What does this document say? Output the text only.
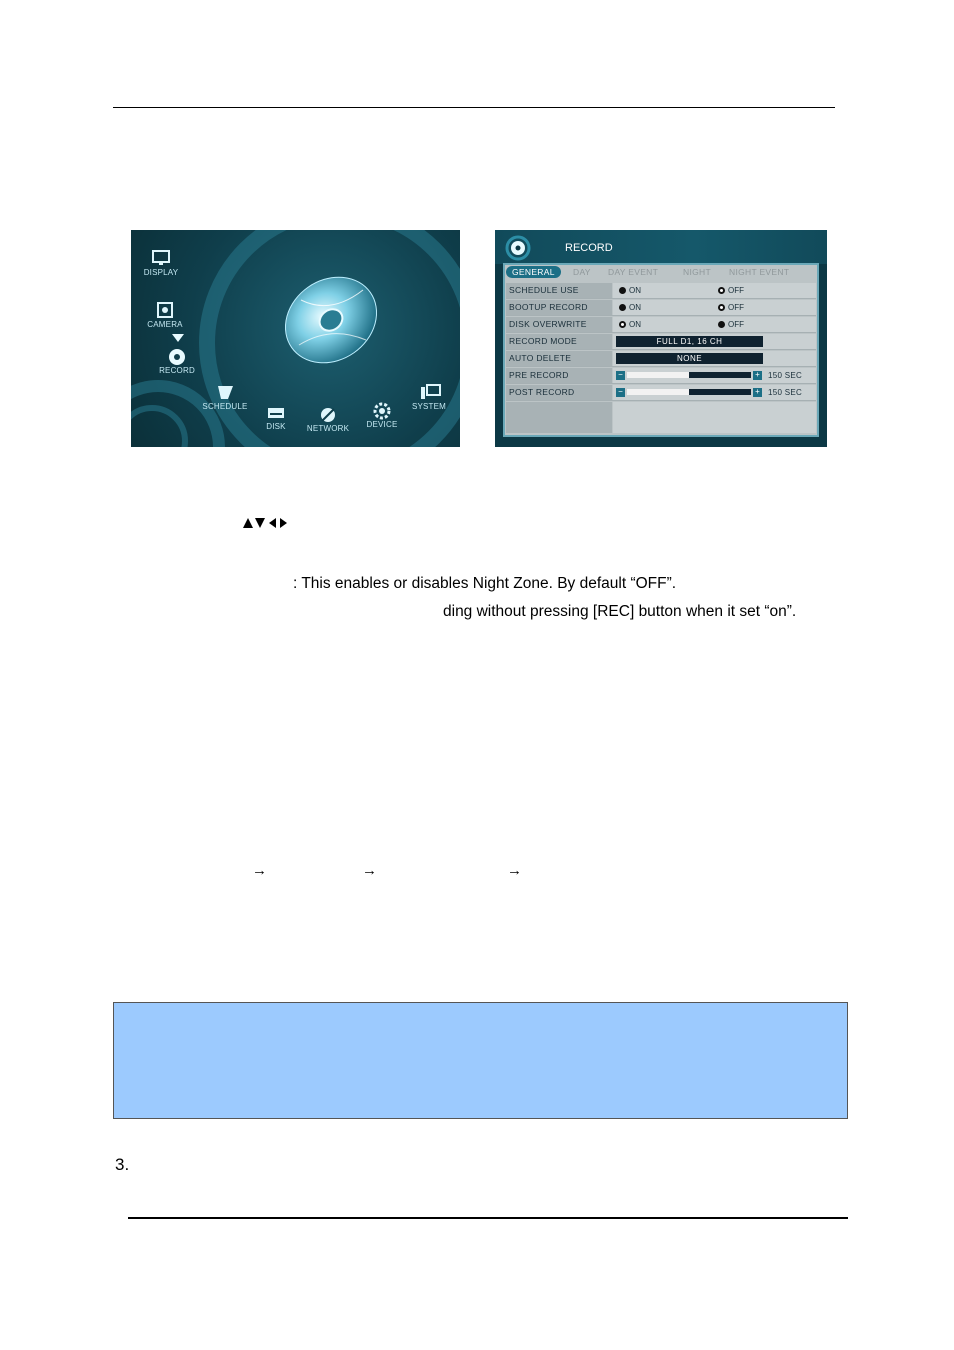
DISPLAY
CAMERA
RECORD
SCHEDULE
DISK	NETWORK	DEVICE
SYSTEM
RECORD
GENERAL	DAY DAY EVENT	NIGHT NIGHT EVENT
SCHEDULE USE	ON	OFF
BOOTUP RECORD	ON	OFF
DISK OVERWRITE	ON	OFF
RECORD MODE	FULL D1, 16 CH
AUTO DELETE	NONE
PRE RECORD	−	+ 150 SEC
POST RECORD	−	+ 150 SEC
: This enables or disables Night Zone. By default “OFF”.
ding without pressing [REC] button when it set “on”.
→	→	→
3.
